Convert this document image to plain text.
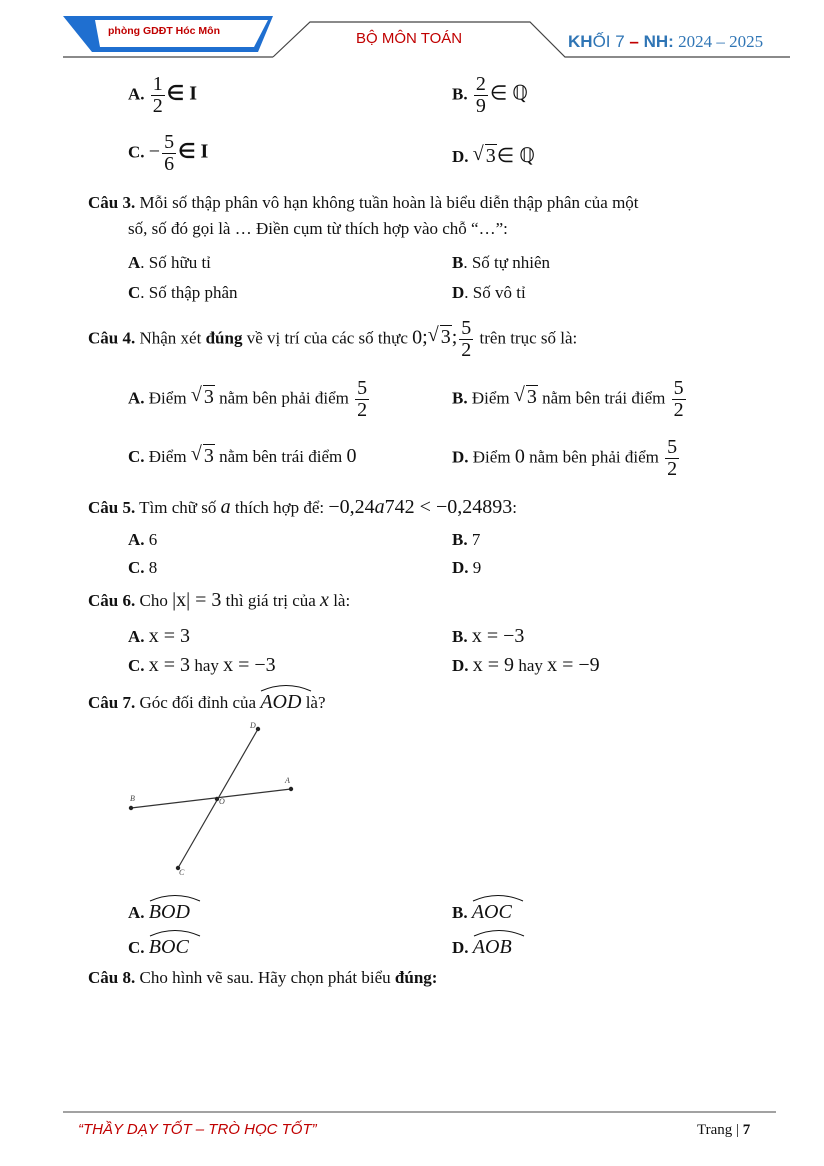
phòng GDĐT Hóc Môn	BỘ MÔN TOÁN	KHỐI 7 – NH: 2024 – 2025
A. $\frac{1}{2}$ ∈ I	B. $\frac{2}{9}$ ∈ ℚ
C. − $\frac{5}{6}$ ∈ I	D. √ 3∈ ℚ
Câu 3. Mỗi số thập phân vô hạn không tuần hoàn là biểu diễn thập phân của một
số, số đó gọi là … Điền cụm từ thích hợp vào chỗ “…”:
A. Số hữu tỉ	B. Số tự nhiên
C. Số thập phân	D. Số vô tỉ
Câu 4. Nhận xét đúng về vị trí của các số thực 0; √ 3; $\frac{5}{2}$ trên trục số là:
A. Điểm √ 3 nằm bên phải điểm $\frac{5}{2}$	B. Điểm √ 3 nằm bên trái điểm $\frac{5}{2}$
C. Điểm √ 3 nằm bên trái điểm 0	D. Điểm 0 nằm bên phải điểm $\frac{5}{2}$
Câu 5. Tìm chữ số a thích hợp để: −0,24a742 < −0,24893:
A. 6	B. 7
C. 8	D. 9
Câu 6. Cho |x| = 3 thì giá trị của x là:
A. x = 3	B. x = −3
C. x = 3 hay x = −3	D. x = 9 hay x = −9
Câu 7. Góc đối đỉnh của
AOD là?
B
A
D
C
O
A. BOD	B. AOC
C. BOC	D. AOB
Câu 8. Cho hình vẽ sau. Hãy chọn phát biểu đúng:
“THẦY DẠY TỐT – TRÒ HỌC TỐT”	Trang | 7
